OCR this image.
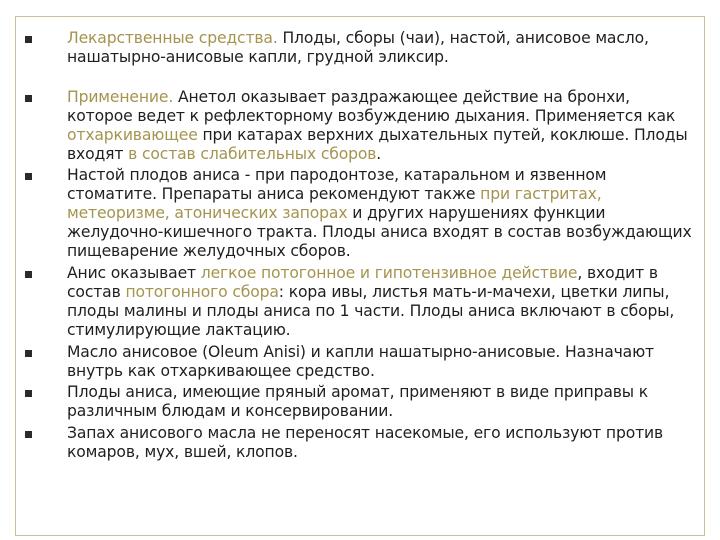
Лекарственные средства. Плоды, сборы (чаи), настой, анисовое масло, нашатырно-анисовые капли, грудной эликсир.
Применение. Анетол оказывает раздражающее действие на бронхи, которое ведет к рефлекторному возбуждению дыхания. Применяется как отхаркивающее при катарах верхних дыхательных путей, коклюше. Плоды входят в состав слабительных сборов.
Настой плодов аниса - при пародонтозе, катаральном и язвенном стоматите. Препараты аниса рекомендуют также при гастритах, метеоризме, атонических запорах и других нарушениях функции желудочно-кишечного тракта. Плоды аниса входят в состав возбуждающих пищеварение желудочных сборов.
Анис оказывает легкое потогонное и гипотензивное действие, входит в состав потогонного сбора: кора ивы, листья мать-и-мачехи, цветки липы, плоды малины и плоды аниса по 1 части. Плоды аниса включают в сборы, стимулирующие лактацию.
Масло анисовое (Oleum Anisi) и капли нашатырно-анисовые. Назначают внутрь как отхаркивающее средство.
Плоды аниса, имеющие пряный аромат, применяют в виде приправы к различным блюдам и консервировании.
Запах анисового масла не переносят насекомые, его используют против комаров, мух, вшей, клопов.
